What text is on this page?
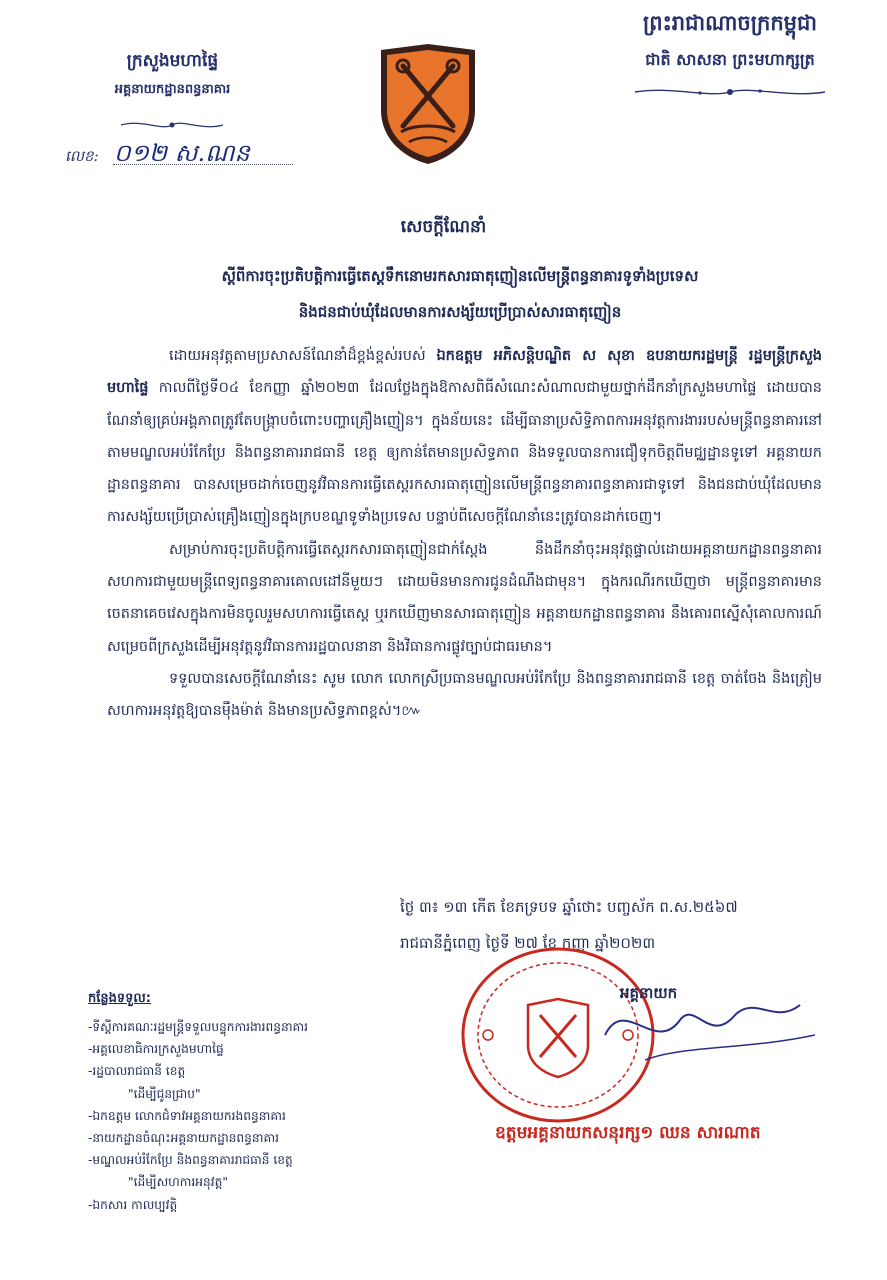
ព្រះរាជាណាចក្រកម្ពុជា
ជាតិ សាសនា ព្រះមហាក្សត្រ
ក្រសួងមហាផ្ទៃ
អគ្គនាយកដ្ឋានពន្ធនាគារ
លេខ: ០១២ ស.ណន
សេចក្តីណែនាំ
ស្តីពីការចុះប្រតិបត្តិការធ្វើតេស្តទឹកនោមរកសារធាតុញៀនលើមន្ត្រីពន្ធនាគារទូទាំងប្រទេស
និងជនជាប់ឃុំដែលមានការសង្ស័យប្រើប្រាស់សារធាតុញៀន

ដោយអនុវត្តតាមប្រសាសន៍ណែនាំដ៏ខ្ពង់ខ្ពស់របស់ ឯកឧត្តម អភិសន្តិបណ្ឌិត ស សុខា ឧបនាយករដ្ឋមន្ត្រី រដ្ឋមន្ត្រីក្រសួងមហាផ្ទៃ កាលពីថ្ងៃទី០៤ ខែកញ្ញា ឆ្នាំ២០២៣ ដែលថ្លែងក្នុងឱកាសពិធីសំណេះសំណាលជាមួយថ្នាក់ដឹកនាំក្រសួងមហាផ្ទៃ ដោយបានណែនាំឲ្យគ្រប់អង្គភាពត្រូវតែបង្ក្រាបចំពោះបញ្ហាគ្រឿងញៀន។ ក្នុងន័យនេះ ដើម្បីធានាប្រសិទ្ធិភាពការអនុវត្តការងាររបស់មន្ត្រីពន្ធនាគារនៅតាមមណ្ឌលអប់រំកែប្រែ និងពន្ធនាគាររាជធានី ខេត្ត ឲ្យកាន់តែមានប្រសិទ្ធភាព និងទទួលបានការជឿទុកចិត្តពីមជ្ឈដ្ឋានទូទៅ អគ្គនាយកដ្ឋានពន្ធនាគារ បានសម្រេចដាក់ចេញនូវវិធានការធ្វើតេស្តរកសារធាតុញៀនលើមន្ត្រីពន្ធនាគារពន្ធនាគារជាទូទៅ និងជនជាប់ឃុំដែលមានការសង្ស័យប្រើប្រាស់គ្រឿងញៀនក្នុងក្របខណ្ឌទូទាំងប្រទេស បន្ទាប់ពីសេចក្តីណែនាំនេះត្រូវបានដាក់ចេញ។

សម្រាប់ការចុះប្រតិបត្តិការធ្វើតេស្តរកសារធាតុញៀនជាក់ស្តែង នឹងដឹកនាំចុះអនុវត្តផ្ទាល់ដោយអគ្គនាយកដ្ឋានពន្ធនាគារ សហការជាមួយមន្ត្រីពេទ្យពន្ធនាគារគោលដៅនីមួយៗ ដោយមិនមានការជូនដំណឹងជាមុន។ ក្នុងករណីរកឃើញថា មន្ត្រីពន្ធនាគារមានចេតនាគេចវេសក្នុងការមិនចូលរួមសហការធ្វើតេស្ត ឬរកឃើញមានសារធាតុញៀន អគ្គនាយកដ្ឋានពន្ធនាគារ នឹងគោរពស្នើសុំគោលការណ៍សម្រេចពីក្រសួងដើម្បីអនុវត្តនូវវិធានការរដ្ឋបាលនានា និងវិធានការផ្លូវច្បាប់ជាធរមាន។

ទទួលបានសេចក្តីណែនាំនេះ សូម លោក លោកស្រីប្រធានមណ្ឌលអប់រំកែប្រែ និងពន្ធនាគាររាជធានី ខេត្ត ចាត់ចែង និងត្រៀមសហការអនុវត្តឱ្យបានម៉ឺងម៉ាត់ និងមានប្រសិទ្ធភាពខ្ពស់។៚

ថ្ងៃ ៣៖ ១៣ កើត ខែភទ្របទ ឆ្នាំថោះ បញ្ចស័ក ព.ស.២៥៦៧
រាជធានីភ្នំពេញ ថ្ងៃទី ២៧ ខែ កញ្ញា ឆ្នាំ២០២៣
អគ្គនាយក
ឧត្តមអគ្គនាយកសនុរក្ស១ ឈន សារណាត
កន្លែងទទួល:
-ទីស្តីការគណៈរដ្ឋមន្ត្រីទទួលបន្ទុកការងារពន្ធនាគារ
-អគ្គលេខាធិការក្រសួងមហាផ្ទៃ
-រដ្ឋបាលរាជធានី ខេត្ត
"ដើម្បីជូនជ្រាប"
-ឯកឧត្តម លោកជំទាវអគ្គនាយករងពន្ធនាគារ
-នាយកដ្ឋានចំណុះអគ្គនាយកដ្ឋានពន្ធនាគារ
-មណ្ឌលអប់រំកែប្រែ និងពន្ធនាគាររាជធានី ខេត្ត
"ដើម្បីសហការអនុវត្ត"
-ឯកសារ កាលប្បវត្តិ
